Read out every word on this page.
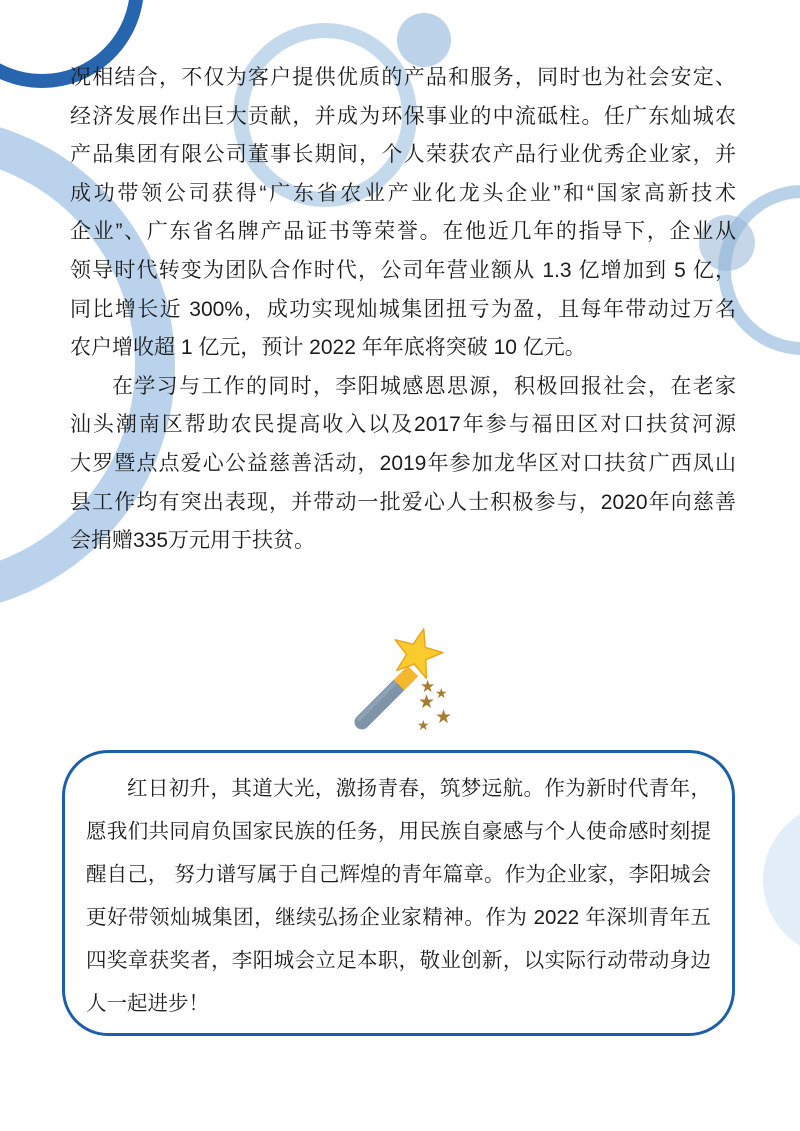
况相结合，不仅为客户提供优质的产品和服务，同时也为社会安定、
经济发展作出巨大贡献，并成为环保事业的中流砥柱。任广东灿城农
产品集团有限公司董事长期间，个人荣获农产品行业优秀企业家，并
成功带领公司获得“广东省农业产业化龙头企业”和“国家高新技术
企业”、广东省名牌产品证书等荣誉。在他近几年的指导下，企业从
领导时代转变为团队合作时代，公司年营业额从 1.3 亿增加到 5 亿，
同比增长近 300%，成功实现灿城集团扭亏为盈，且每年带动过万名
农户增收超 1 亿元，预计 2022 年年底将突破 10 亿元。
在学习与工作的同时，李阳城感恩思源，积极回报社会，在老家
汕头潮南区帮助农民提高收入以及2017年参与福田区对口扶贫河源
大罗暨点点爱心公益慈善活动，2019年参加龙华区对口扶贫广西凤山
县工作均有突出表现，并带动一批爱心人士积极参与，2020年向慈善
会捐赠335万元用于扶贫。
★ ★
★
★
★
红日初升，其道大光，激扬青春，筑梦远航。作为新时代青年，
愿我们共同肩负国家民族的任务，用民族自豪感与个人使命感时刻提
醒自己， 努力谱写属于自己辉煌的青年篇章。作为企业家，李阳城会
更好带领灿城集团，继续弘扬企业家精神。作为 2022 年深圳青年五
四奖章获奖者，李阳城会立足本职，敬业创新，以实际行动带动身边
人一起进步！
